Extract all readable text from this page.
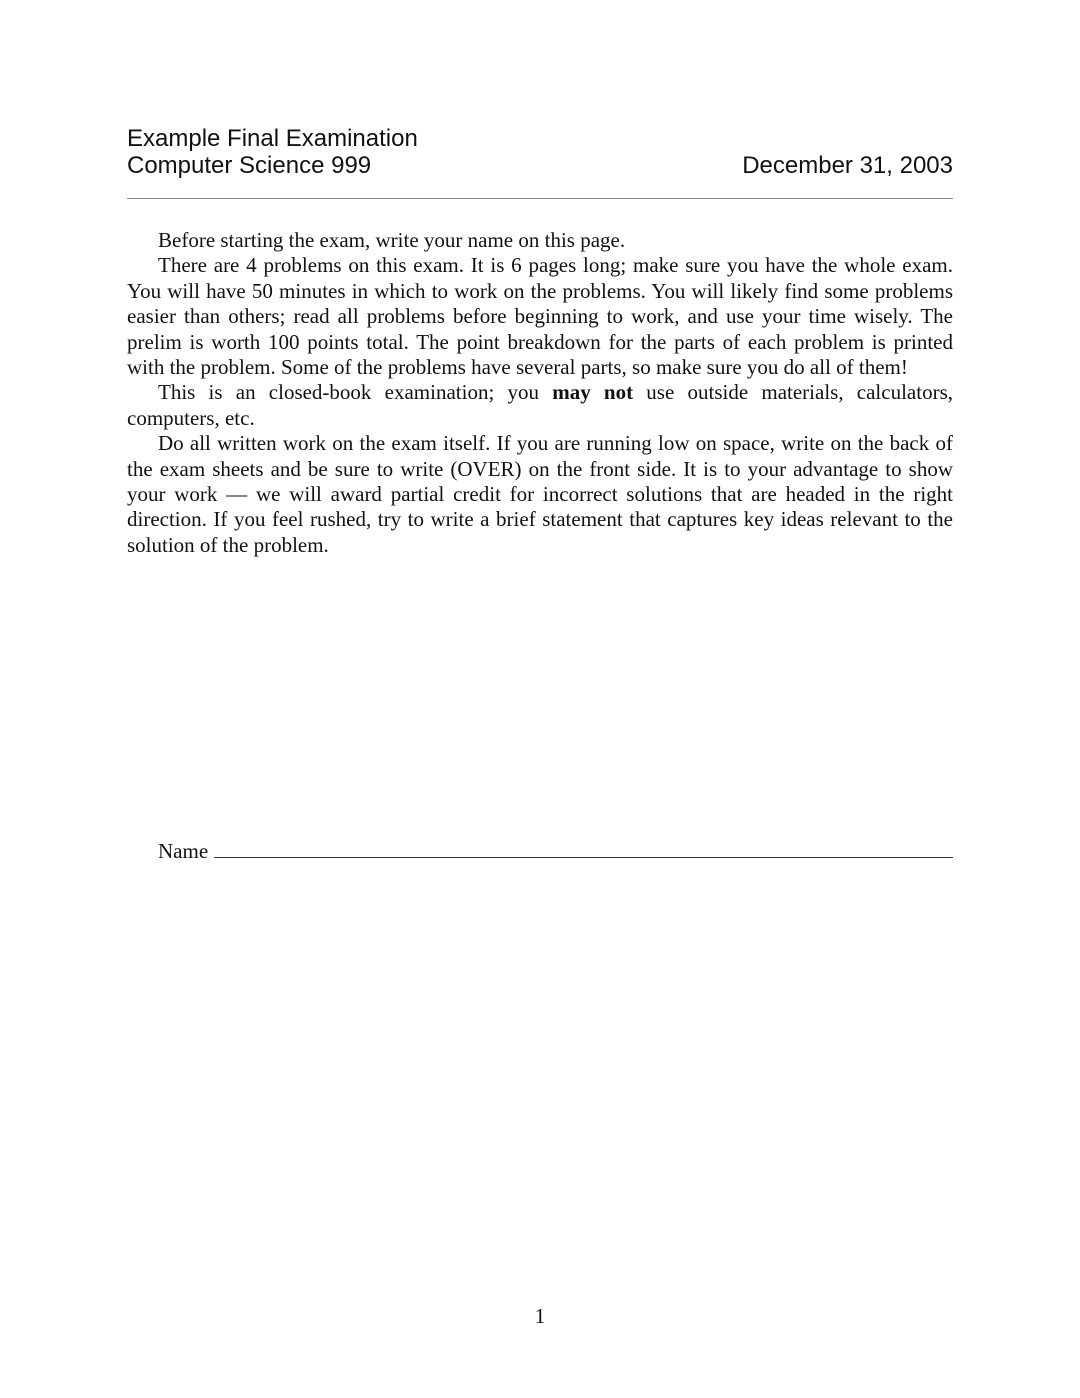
Example Final Examination
Computer Science 999	December 31, 2003

Before starting the exam, write your name on this page.

There are 4 problems on this exam. It is 6 pages long; make sure you have the whole exam. You will have 50 minutes in which to work on the problems. You will likely find some problems easier than others; read all problems before beginning to work, and use your time wisely. The prelim is worth 100 points total. The point breakdown for the parts of each problem is printed with the problem. Some of the problems have several parts, so make sure you do all of them!

This is an closed-book examination; you may not use outside materials, calculators, computers, etc.

Do all written work on the exam itself. If you are running low on space, write on the back of the exam sheets and be sure to write (OVER) on the front side. It is to your advantage to show your work — we will award partial credit for incorrect solutions that are headed in the right direction. If you feel rushed, try to write a brief statement that captures key ideas relevant to the solution of the problem.

Name
1
